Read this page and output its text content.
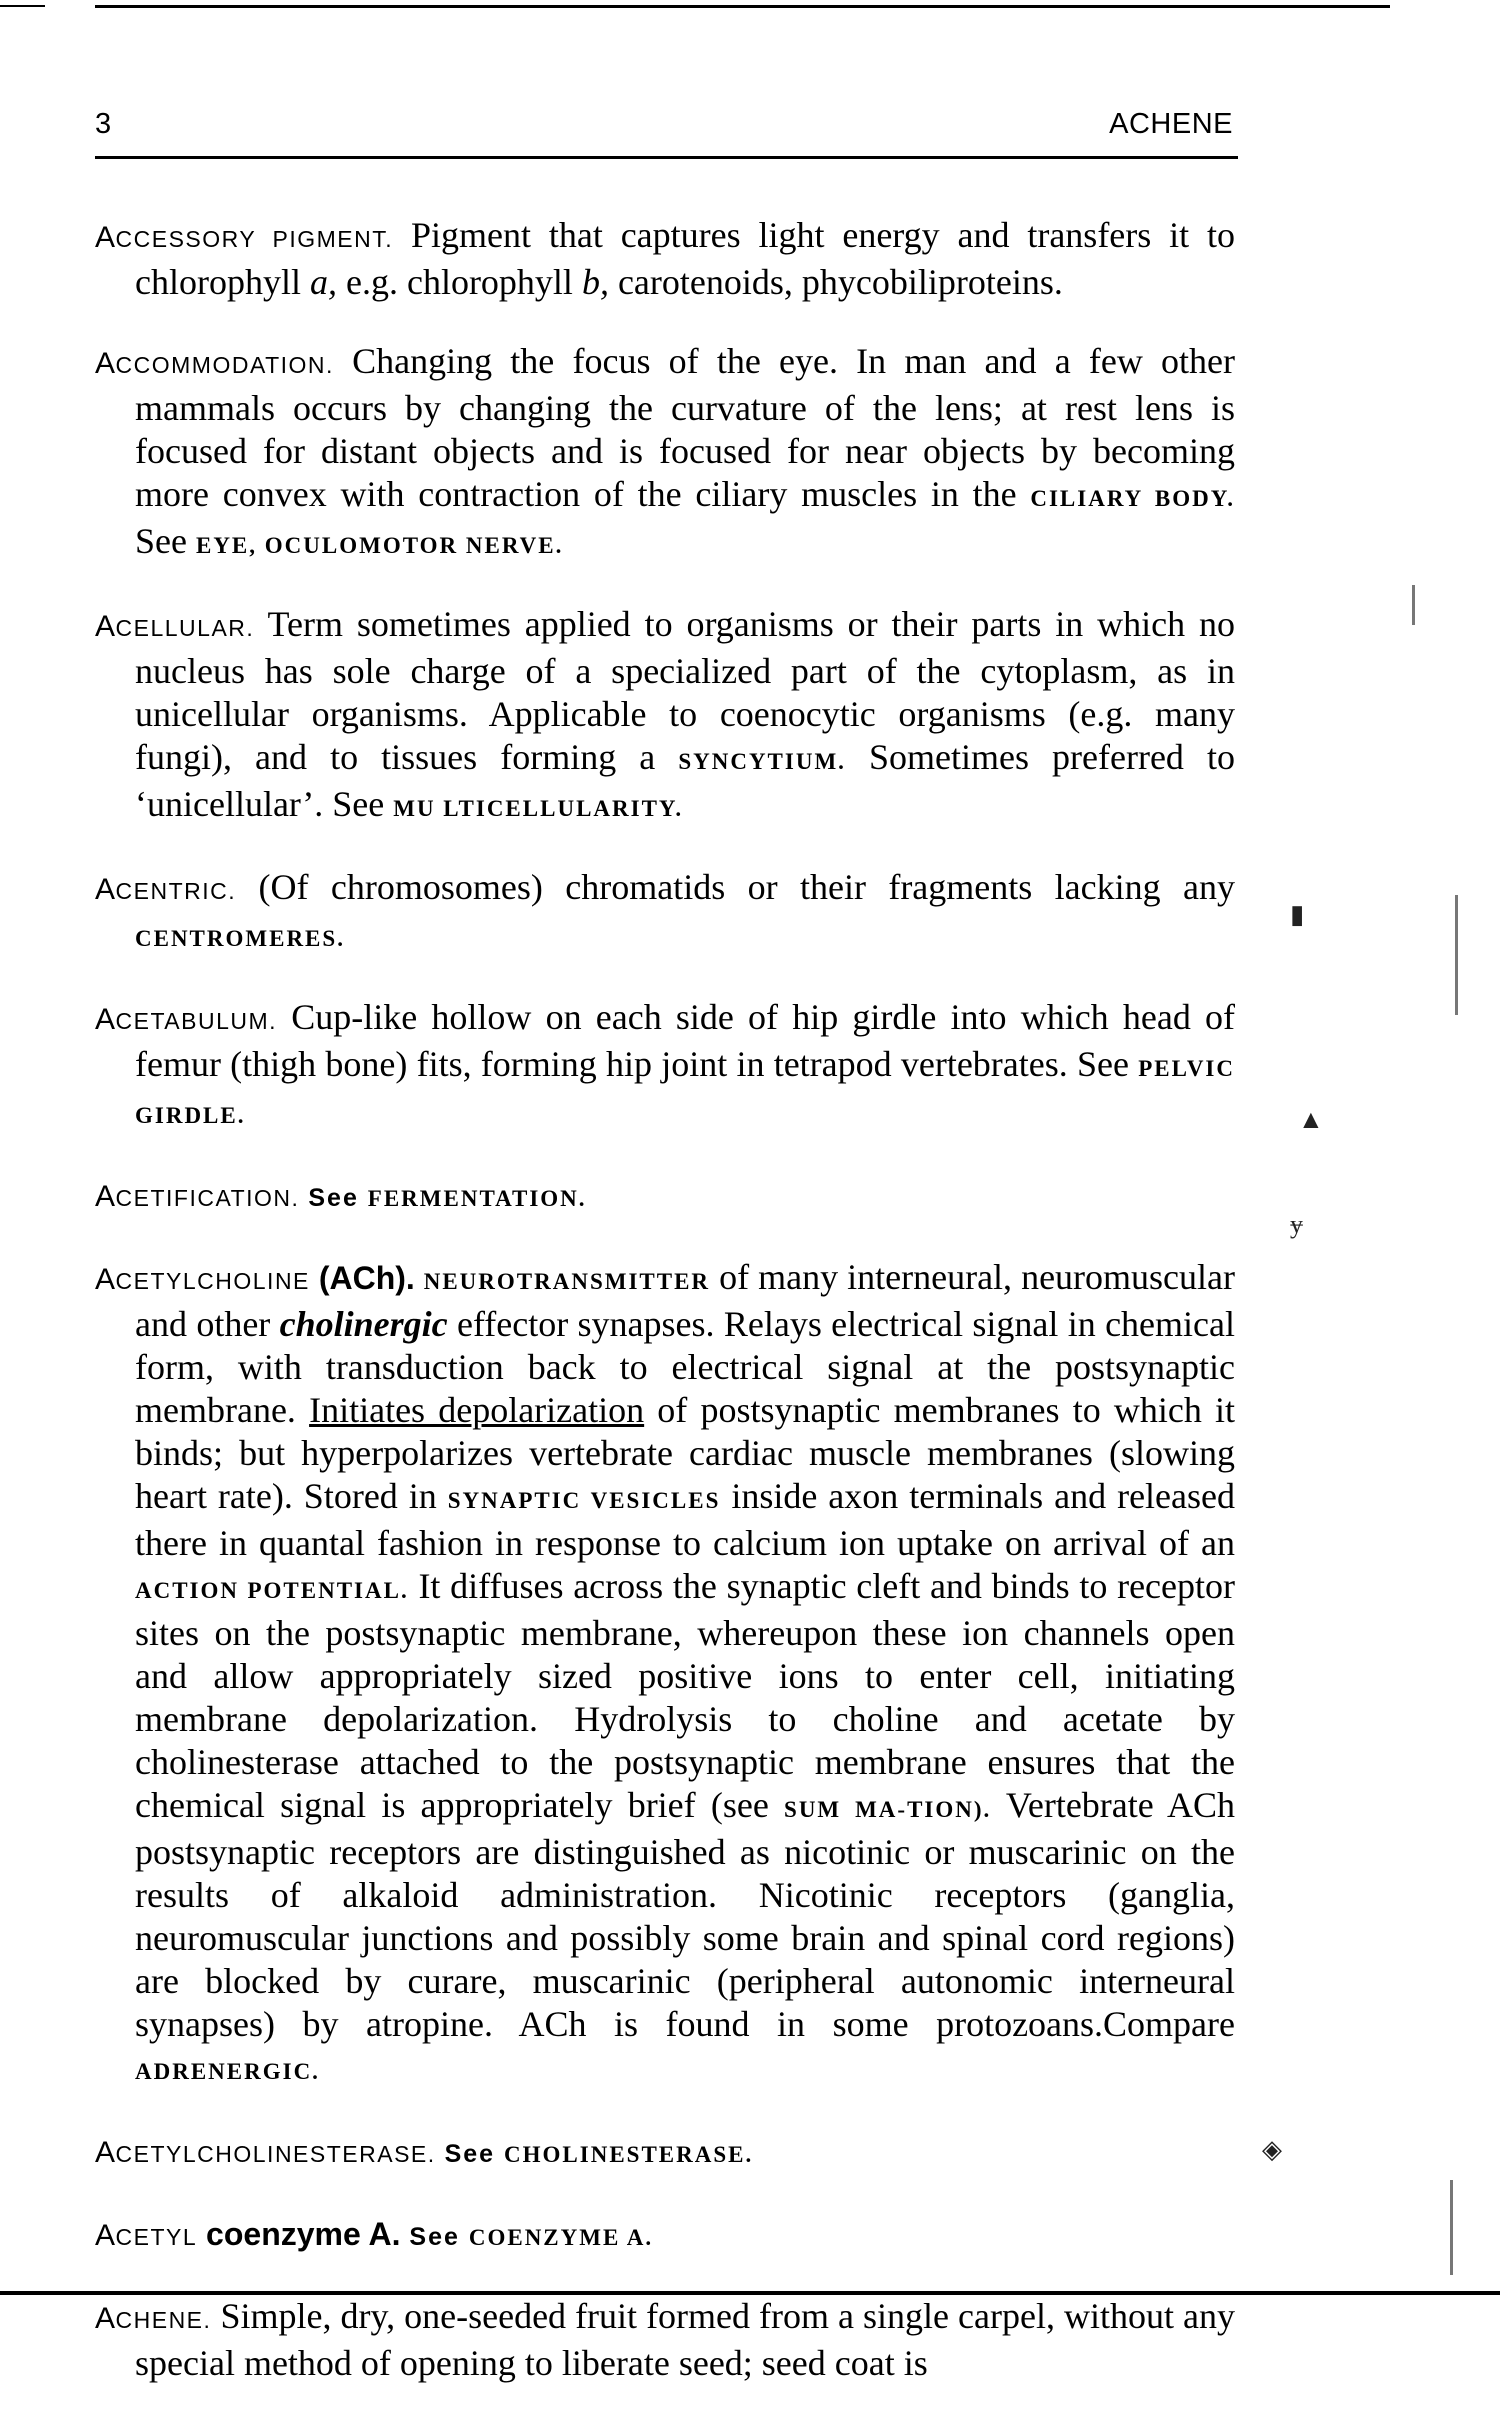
3	ACHENE

ACCESSORY PIGMENT. Pigment that captures light energy and transfers it to chlorophyll a, e.g. chlorophyll b, carotenoids, phycobiliproteins.

ACCOMMODATION. Changing the focus of the eye. In man and a few other mammals occurs by changing the curvature of the lens; at rest lens is focused for distant objects and is focused for near objects by becoming more convex with contraction of the ciliary muscles in the CILIARY BODY. See EYE, OCULOMOTOR NERVE.

ACELLULAR. Term sometimes applied to organisms or their parts in which no nucleus has sole charge of a specialized part of the cytoplasm, as in unicellular organisms. Applicable to coenocytic organisms (e.g. many fungi), and to tissues forming a SYNCYTIUM. Sometimes preferred to ‘unicellular’. See MU LTICELLULARITY.

ACENTRIC. (Of chromosomes) chromatids or their fragments lacking any CENTROMERES.

ACETABULUM. Cup-like hollow on each side of hip girdle into which head of femur (thigh bone) fits, forming hip joint in tetrapod vertebrates. See PELVIC GIRDLE.

ACETIFICATION. See FERMENTATION.

ACETYLCHOLINE (ACh). NEUROTRANSMITTER of many interneural, neuromuscular and other cholinergic effector synapses. Relays electrical signal in chemical form, with transduction back to electrical signal at the postsynaptic membrane. Initiates depolarization of postsynaptic membranes to which it binds; but hyperpolarizes vertebrate cardiac muscle membranes (slowing heart rate). Stored in SYNAPTIC VESICLES inside axon terminals and released there in quantal fashion in response to calcium ion uptake on arrival of an ACTION POTENTIAL. It diffuses across the synaptic cleft and binds to receptor sites on the postsynaptic membrane, whereupon these ion channels open and allow appropriately sized positive ions to enter cell, initiating membrane depolarization. Hydrolysis to choline and acetate by cholinesterase attached to the postsynaptic membrane ensures that the chemical signal is appropriately brief (see SUM MA-TION). Vertebrate ACh postsynaptic receptors are distinguished as nicotinic or muscarinic on the results of alkaloid administration. Nicotinic receptors (ganglia, neuromuscular junctions and possibly some brain and spinal cord regions) are blocked by curare, muscarinic (peripheral autonomic interneural synapses) by atropine. ACh is found in some protozoans.Compare ADRENERGIC.

ACETYLCHOLINESTERASE. See CHOLINESTERASE.

ACETYL coenzyme A. See COENZYME A.

ACHENE. Simple, dry, one-seeded fruit formed from a single carpel, without any special method of opening to liberate seed; seed coat is

▮
▲
ɏ
◈
